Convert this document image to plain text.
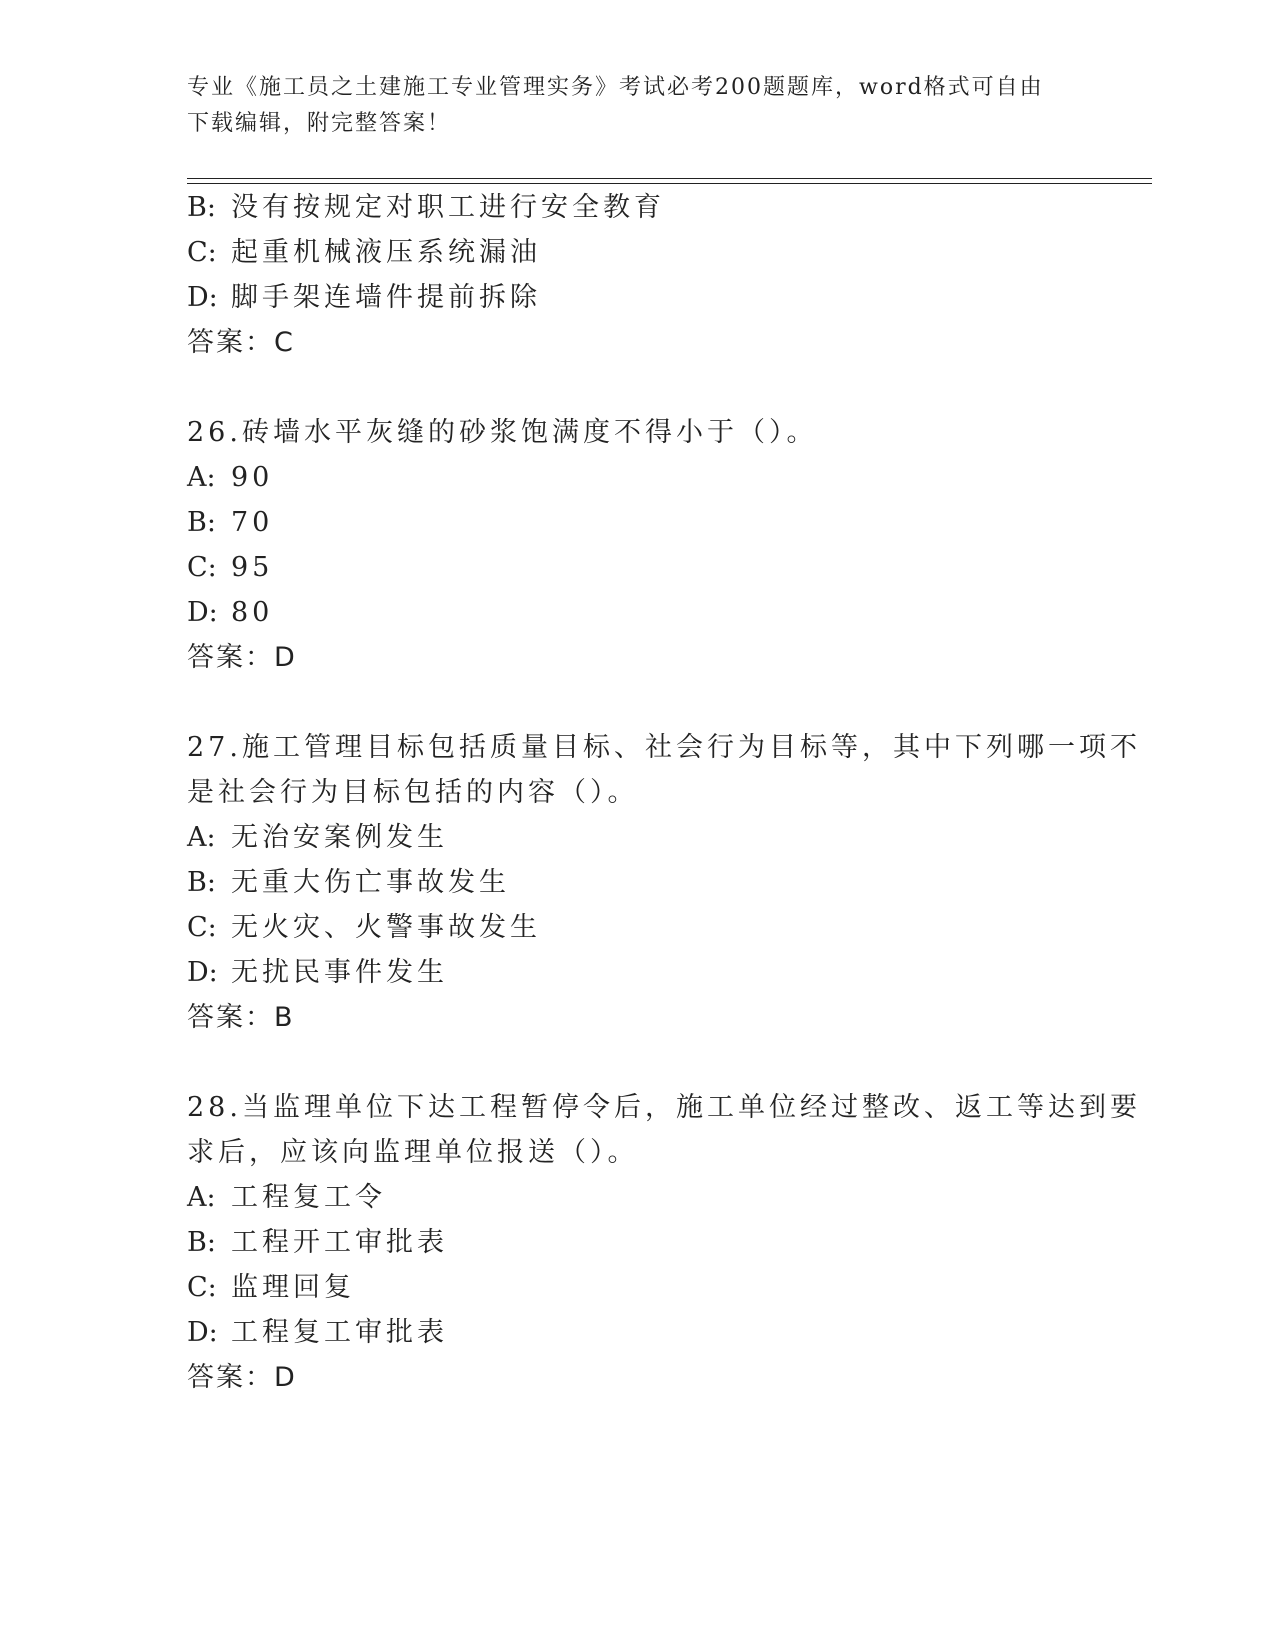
专业《施工员之土建施工专业管理实务》考试必考200题题库，word格式可自由
下载编辑，附完整答案！
B: 没有按规定对职工进行安全教育
C: 起重机械液压系统漏油
D: 脚手架连墙件提前拆除
答案：C
26.砖墙水平灰缝的砂浆饱满度不得小于（）。
A: 90
B: 70
C: 95
D: 80
答案：D
27.施工管理目标包括质量目标、社会行为目标等，其中下列哪一项不
是社会行为目标包括的内容（）。
A: 无治安案例发生
B: 无重大伤亡事故发生
C: 无火灾、火警事故发生
D: 无扰民事件发生
答案：B
28.当监理单位下达工程暂停令后，施工单位经过整改、返工等达到要
求后，应该向监理单位报送（）。
A: 工程复工令
B: 工程开工审批表
C: 监理回复
D: 工程复工审批表
答案：D
